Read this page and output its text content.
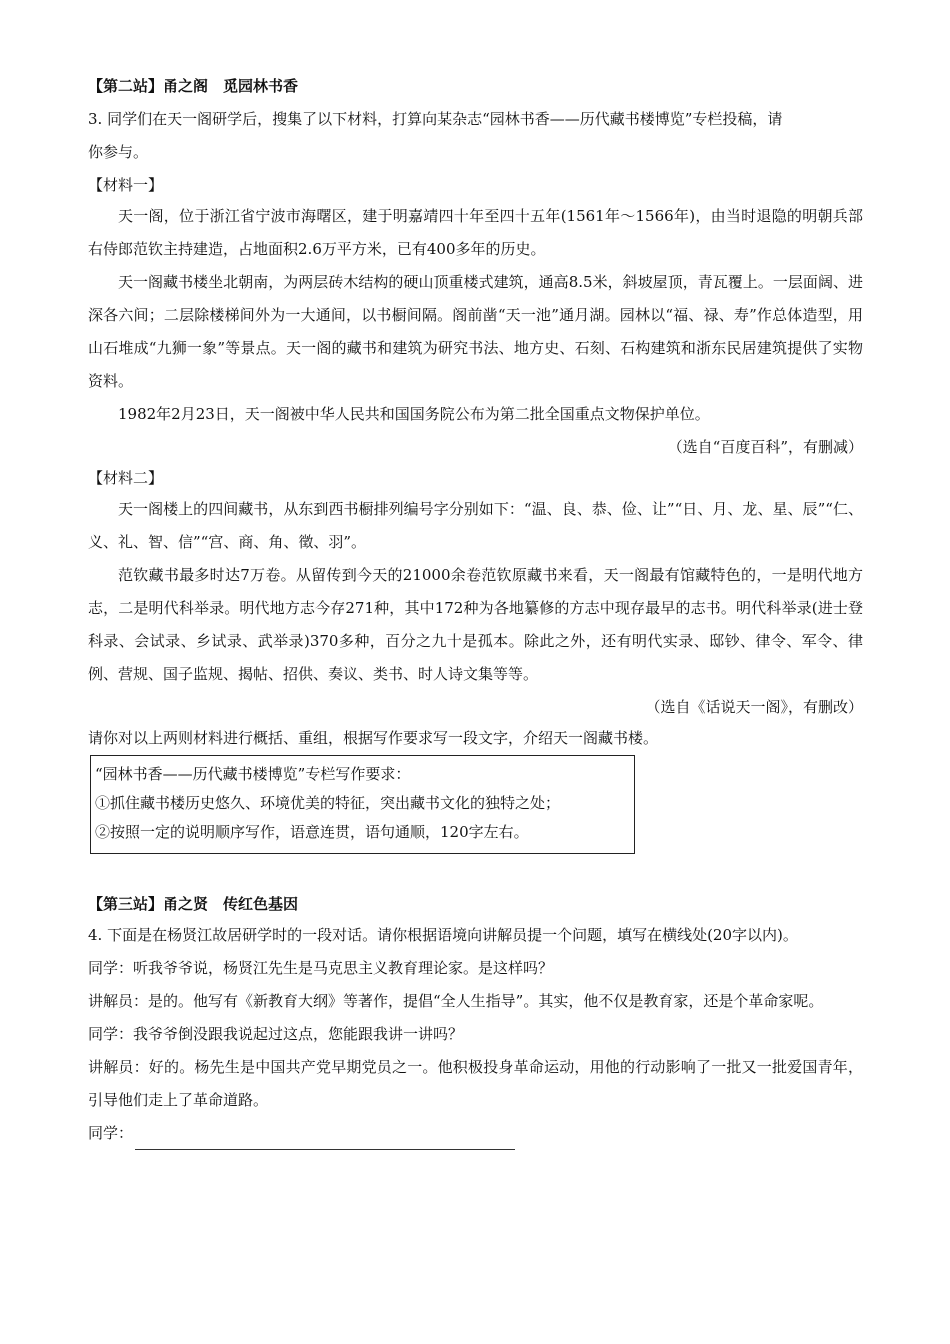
【第二站】甬之阁　觅园林书香

3. 同学们在天一阁研学后，搜集了以下材料，打算向某杂志“园林书香——历代藏书楼博览”专栏投稿，请

你参与。

【材料一】

天一阁，位于浙江省宁波市海曙区，建于明嘉靖四十年至四十五年(1561年～1566年)，由当时退隐的明朝兵部右侍郎范钦主持建造，占地面积2.6万平方米，已有400多年的历史。

天一阁藏书楼坐北朝南，为两层砖木结构的硬山顶重楼式建筑，通高8.5米，斜坡屋顶，青瓦覆上。一层面阔、进深各六间；二层除楼梯间外为一大通间，以书橱间隔。阁前凿“天一池”通月湖。园林以“福、禄、寿”作总体造型，用山石堆成“九狮一象”等景点。天一阁的藏书和建筑为研究书法、地方史、石刻、石构建筑和浙东民居建筑提供了实物资料。

1982年2月23日，天一阁被中华人民共和国国务院公布为第二批全国重点文物保护单位。

（选自“百度百科”，有删减）

【材料二】

天一阁楼上的四间藏书，从东到西书橱排列编号字分别如下：“温、良、恭、俭、让”“日、月、龙、星、辰”“仁、义、礼、智、信”“宫、商、角、徵、羽”。

范钦藏书最多时达7万卷。从留传到今天的21000余卷范钦原藏书来看，天一阁最有馆藏特色的，一是明代地方志，二是明代科举录。明代地方志今存271种，其中172种为各地纂修的方志中现存最早的志书。明代科举录(进士登科录、会试录、乡试录、武举录)370多种，百分之九十是孤本。除此之外，还有明代实录、邸钞、律令、军令、律例、营规、国子监规、揭帖、招供、奏议、类书、时人诗文集等等。

（选自《话说天一阁》，有删改）

请你对以上两则材料进行概括、重组，根据写作要求写一段文字，介绍天一阁藏书楼。

“园林书香——历代藏书楼博览”专栏写作要求：

①抓住藏书楼历史悠久、环境优美的特征，突出藏书文化的独特之处；

②按照一定的说明顺序写作，语意连贯，语句通顺，120字左右。

【第三站】甬之贤　传红色基因

4. 下面是在杨贤江故居研学时的一段对话。请你根据语境向讲解员提一个问题，填写在横线处(20字以内)。

同学：听我爷爷说，杨贤江先生是马克思主义教育理论家。是这样吗？

讲解员：是的。他写有《新教育大纲》等著作，提倡“全人生指导”。其实，他不仅是教育家，还是个革命家呢。

同学：我爷爷倒没跟我说起过这点，您能跟我讲一讲吗？

讲解员：好的。杨先生是中国共产党早期党员之一。他积极投身革命运动，用他的行动影响了一批又一批爱国青年，引导他们走上了革命道路。

同学：
